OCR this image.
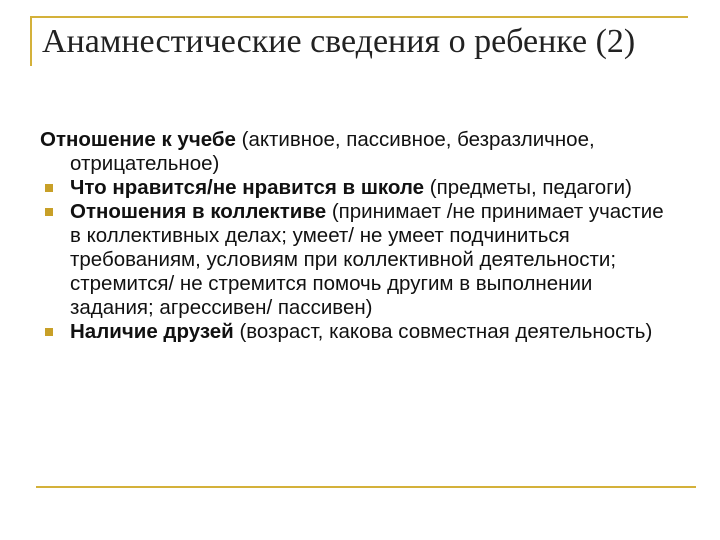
Анамнестические сведения о ребенке (2)

Отношение к учебе (активное, пассивное, безразличное, отрицательное)

Что нравится/не нравится в школе (предметы, педагоги)
Отношения в коллективе (принимает /не принимает участие в коллективных делах; умеет/ не умеет подчиниться требованиям, условиям при коллективной деятельности; стремится/ не стремится помочь другим в выполнении задания; агрессивен/ пассивен)
Наличие друзей (возраст, какова совместная деятельность)
